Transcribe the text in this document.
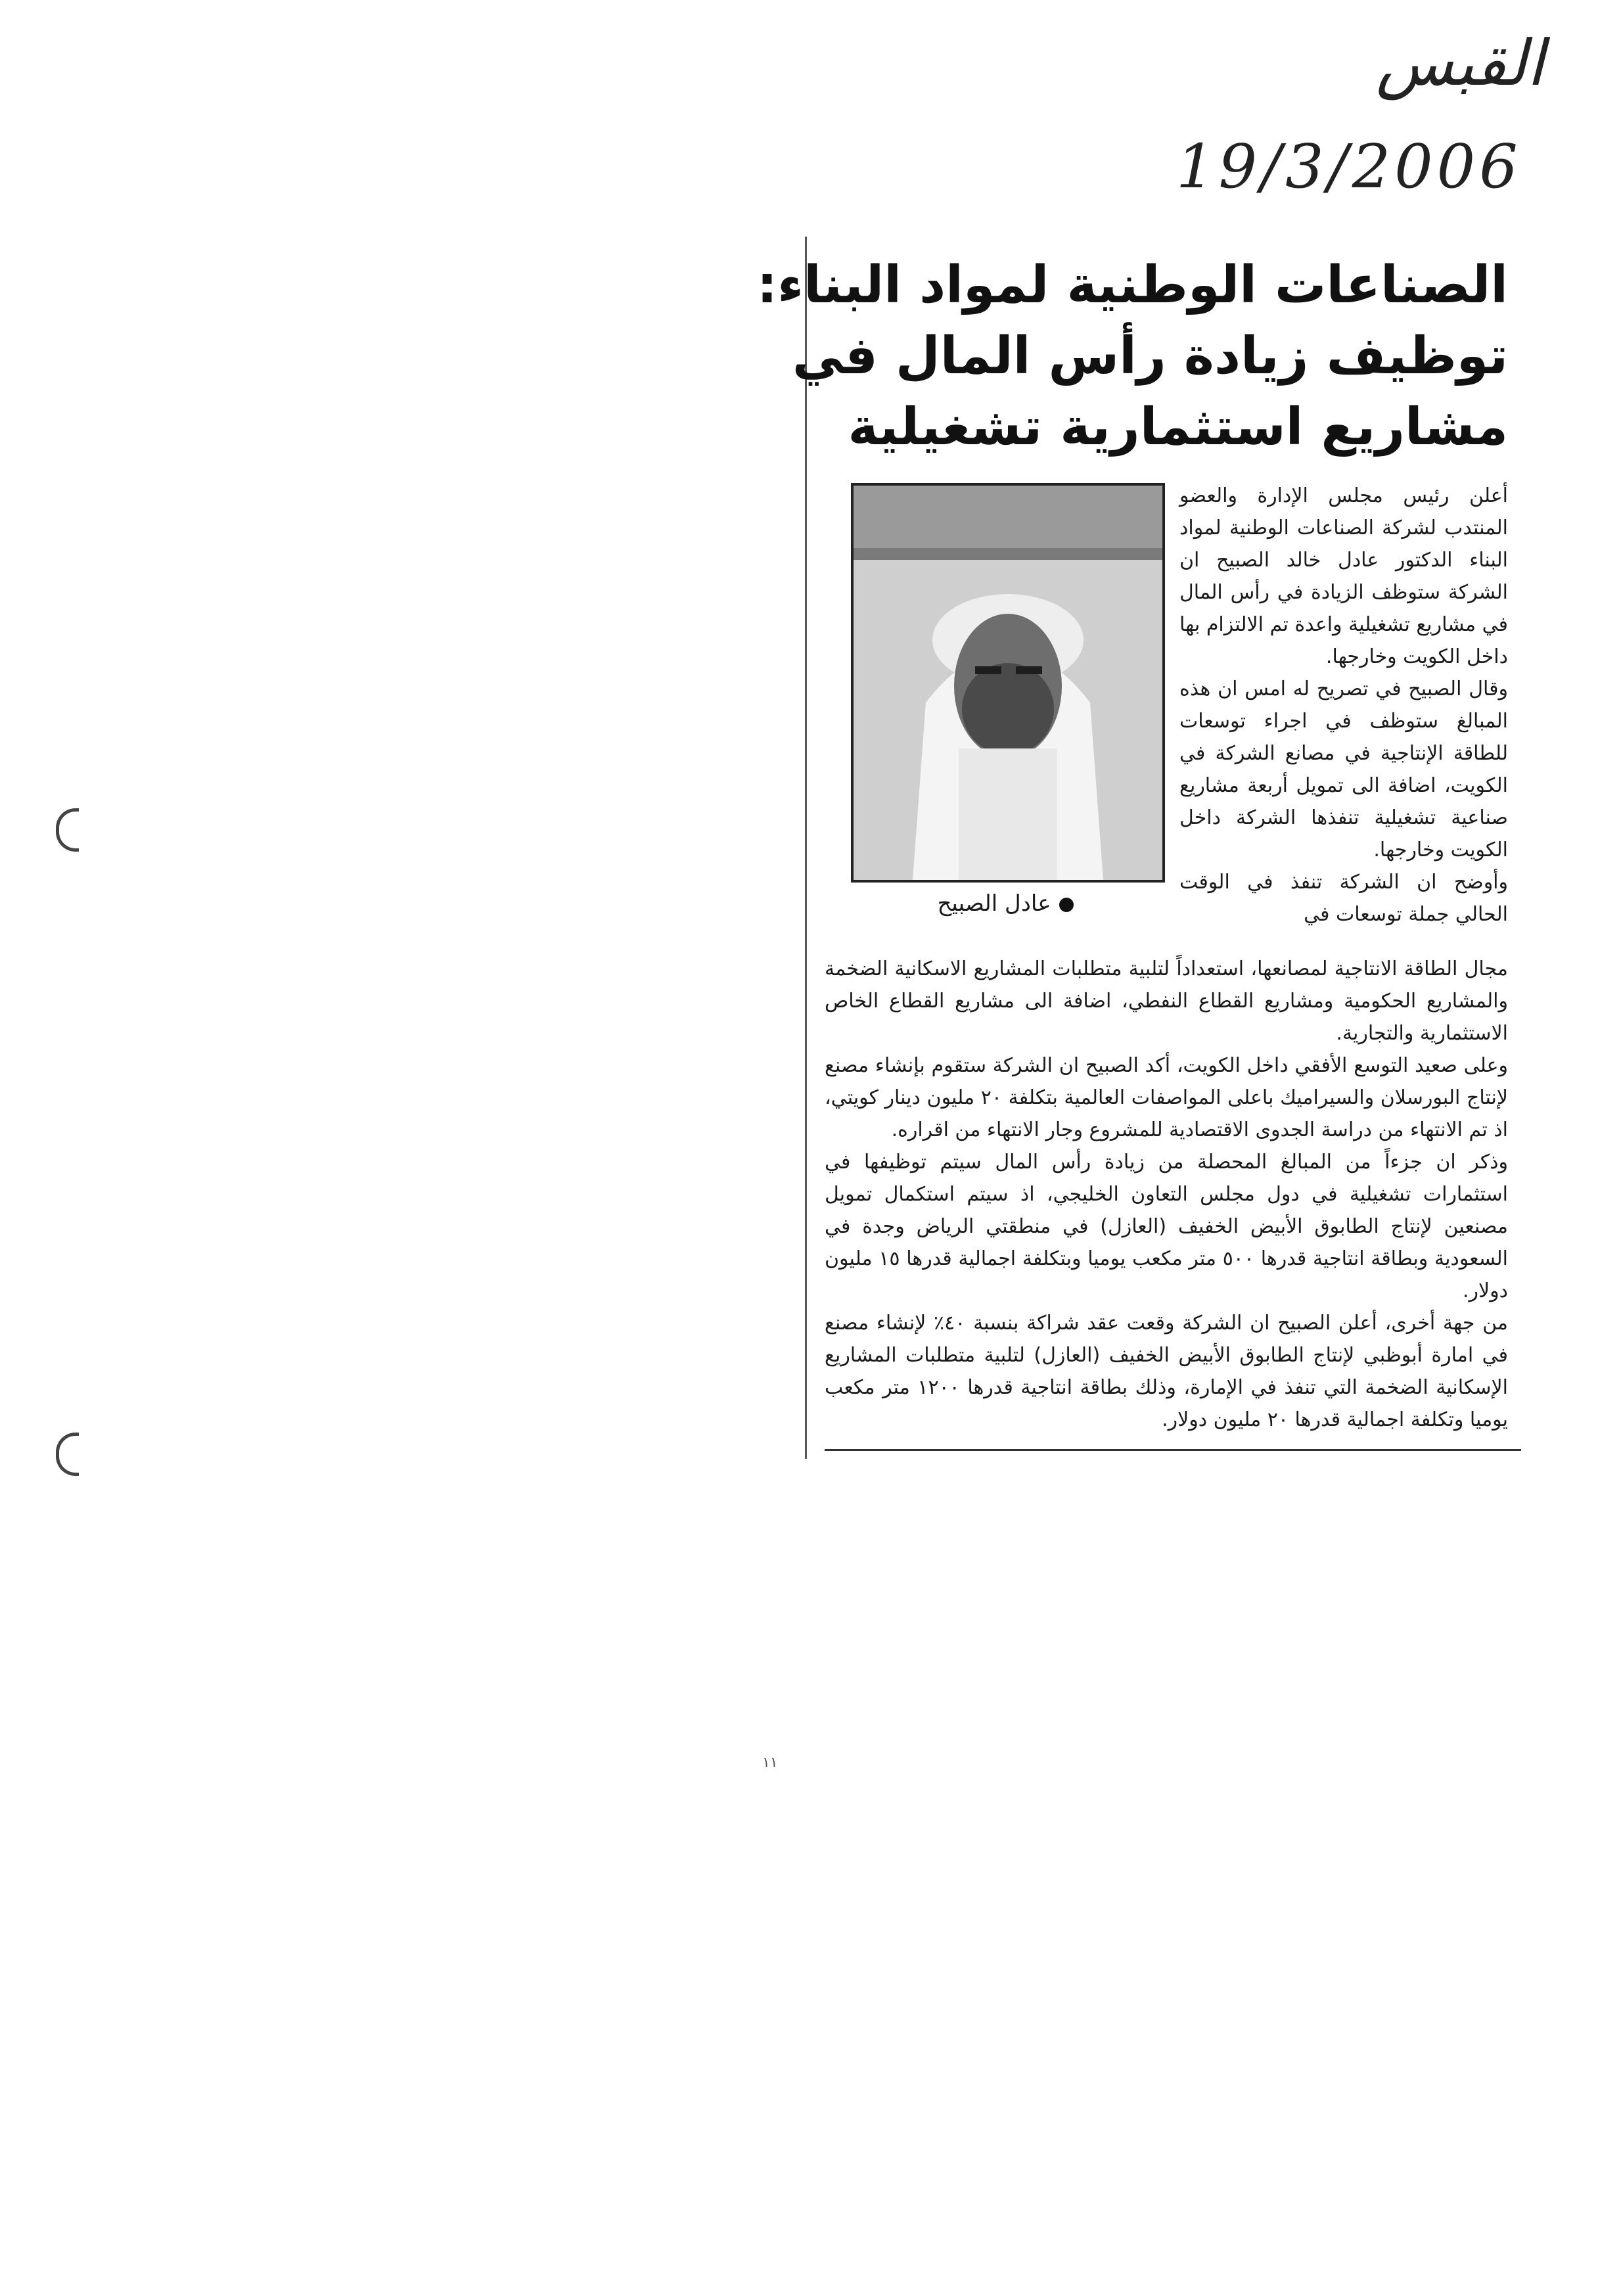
القبس
19/3/2006
الصناعات الوطنية لمواد البناء:
توظيف زيادة رأس المال في
مشاريع استثمارية تشغيلية
عادل الصبيح

أعلن رئيس مجلس الإدارة والعضو المنتدب لشركة الصناعات الوطنية لمواد البناء الدكتور عادل خالد الصبيح ان الشركة ستوظف الزيادة في رأس المال في مشاريع تشغيلية واعدة تم الالتزام بها داخل الكويت وخارجها.

وقال الصبيح في تصريح له امس ان هذه المبالغ ستوظف في اجراء توسعات للطاقة الإنتاجية في مصانع الشركة في الكويت، اضافة الى تمويل أربعة مشاريع صناعية تشغيلية تنفذها الشركة داخل الكويت وخارجها.

وأوضح ان الشركة تنفذ في الوقت الحالي جملة توسعات في

مجال الطاقة الانتاجية لمصانعها، استعداداً لتلبية متطلبات المشاريع الاسكانية الضخمة والمشاريع الحكومية ومشاريع القطاع النفطي، اضافة الى مشاريع القطاع الخاص الاستثمارية والتجارية.

وعلى صعيد التوسع الأفقي داخل الكويت، أكد الصبيح ان الشركة ستقوم بإنشاء مصنع لإنتاج البورسلان والسيراميك باعلى المواصفات العالمية بتكلفة ٢٠ مليون دينار كويتي، اذ تم الانتهاء من دراسة الجدوى الاقتصادية للمشروع وجار الانتهاء من اقراره.

وذكر ان جزءاً من المبالغ المحصلة من زيادة رأس المال سيتم توظيفها في استثمارات تشغيلية في دول مجلس التعاون الخليجي، اذ سيتم استكمال تمويل مصنعين لإنتاج الطابوق الأبيض الخفيف (العازل) في منطقتي الرياض وجدة في السعودية وبطاقة انتاجية قدرها ٥٠٠ متر مكعب يوميا وبتكلفة اجمالية قدرها ١٥ مليون دولار.

من جهة أخرى، أعلن الصبيح ان الشركة وقعت عقد شراكة بنسبة ٤٠٪ لإنشاء مصنع في امارة أبوظبي لإنتاج الطابوق الأبيض الخفيف (العازل) لتلبية متطلبات المشاريع الإسكانية الضخمة التي تنفذ في الإمارة، وذلك بطاقة انتاجية قدرها ١٢٠٠ متر مكعب يوميا وتكلفة اجمالية قدرها ٢٠ مليون دولار.

١١
